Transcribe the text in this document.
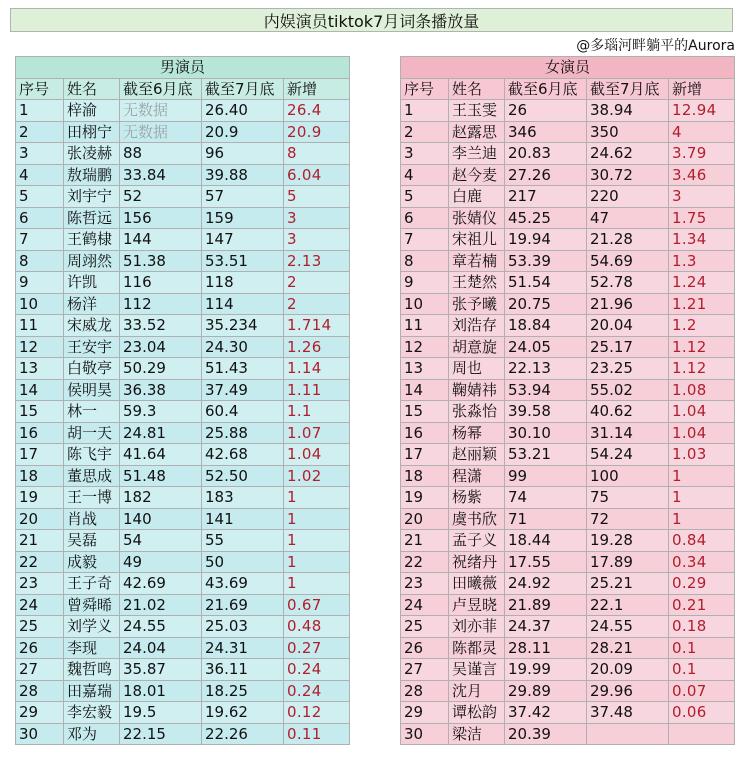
内娱演员tiktok7月词条播放量
@多瑙河畔躺平的Aurora
男演员				
序号	姓名	截至6月底	截至7月底	新增
1	梓渝	无数据	26.40	26.4
2	田栩宁	无数据	20.9	20.9
3	张凌赫	88	96	8
4	敖瑞鹏	33.84	39.88	6.04
5	刘宇宁	52	57	5
6	陈哲远	156	159	3
7	王鹤棣	144	147	3
8	周翊然	51.38	53.51	2.13
9	许凯	116	118	2
10	杨洋	112	114	2
11	宋威龙	33.52	35.234	1.714
12	王安宇	23.04	24.30	1.26
13	白敬亭	50.29	51.43	1.14
14	侯明昊	36.38	37.49	1.11
15	林一	59.3	60.4	1.1
16	胡一天	24.81	25.88	1.07
17	陈飞宇	41.64	42.68	1.04
18	董思成	51.48	52.50	1.02
19	王一博	182	183	1
20	肖战	140	141	1
21	吴磊	54	55	1
22	成毅	49	50	1
23	王子奇	42.69	43.69	1
24	曾舜晞	21.02	21.69	0.67
25	刘学义	24.55	25.03	0.48
26	李现	24.04	24.31	0.27
27	魏哲鸣	35.87	36.11	0.24
28	田嘉瑞	18.01	18.25	0.24
29	李宏毅	19.5	19.62	0.12
30	邓为	22.15	22.26	0.11
女演员				
序号	姓名	截至6月底	截至7月底	新增
1	王玉雯	26	38.94	12.94
2	赵露思	346	350	4
3	李兰迪	20.83	24.62	3.79
4	赵今麦	27.26	30.72	3.46
5	白鹿	217	220	3
6	张婧仪	45.25	47	1.75
7	宋祖儿	19.94	21.28	1.34
8	章若楠	53.39	54.69	1.3
9	王楚然	51.54	52.78	1.24
10	张予曦	20.75	21.96	1.21
11	刘浩存	18.84	20.04	1.2
12	胡意旋	24.05	25.17	1.12
13	周也	22.13	23.25	1.12
14	鞠婧祎	53.94	55.02	1.08
15	张淼怡	39.58	40.62	1.04
16	杨幂	30.10	31.14	1.04
17	赵丽颖	53.21	54.24	1.03
18	程潇	99	100	1
19	杨紫	74	75	1
20	虞书欣	71	72	1
21	孟子义	18.44	19.28	0.84
22	祝绪丹	17.55	17.89	0.34
23	田曦薇	24.92	25.21	0.29
24	卢昱晓	21.89	22.1	0.21
25	刘亦菲	24.37	24.55	0.18
26	陈都灵	28.11	28.21	0.1
27	吴谨言	19.99	20.09	0.1
28	沈月	29.89	29.96	0.07
29	谭松韵	37.42	37.48	0.06
30	梁洁	20.39		
